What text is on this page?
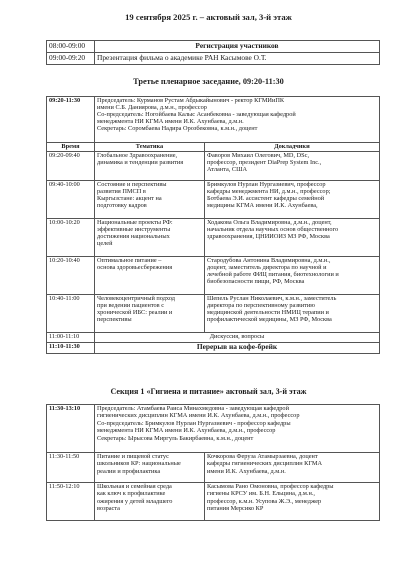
19 сентября 2025 г. – актовый зал, 3-й этаж
08:00-09:00	Регистрация участников
09:00-09:20	Презентация фильма о академике РАН Касымове О.Т.
Третье пленарное заседание, 09:20-11:30
09:20-11:30	Председатель: Курманов Рустам Абдыкайынович - ректор КГМИиПК
имени С.Б. Даниярова, д.м.н., профессор
Со-председатель: Ногойбаева Калыс Асанбековна - заведующая кафедрой
менеджмента НИ КГМА имени И.К. Ахунбаева, д.м.н.
Секретарь: Соромбаева Надира Орозбековна, к.м.н., доцент	

Время	Тематика	Докладчики
09:20-09:40	Глобальное Здравоохранение,
динамика и тенденции развития	Фаворов Михаил Олегович, MD, DSc,
профессор, президент DiaPrep System Inc.,
Атланта, США

09:40-10:00	Состояние и перспективы
развития ПМСП в
Кыргызстане: акцент на
подготовку кадров	Бримкулов Нурлан Нургазиевич, профессор
кафедры менеджмента НИ, д.м.н., профессор;
Ботбаева Э.И. ассистент кафедры семейной
медицины КГМА имени И.К. Ахунбаева,

10:00-10:20	Национальные проекты РФ:
эффективные инструменты
достижения национальных
целей	Ходакова Ольга Владимировна, д.м.н., доцент,
начальник отдела научных основ общественного
здравоохранения, ЦНИИОИЗ МЗ РФ, Москва

10:20-10:40	Оптимальное питание –
основа здоровьесбережения	Стародубова Антонина Владимировна, д.м.н.,
доцент, заместитель директора по научной и
лечебной работе ФИЦ питания, биотехнологии и
биобезопасности пищи, РФ, Москва

10:40-11:00	Человекоцентричный подход
при ведении пациентов с
хронической ИБС: реалии и
перспективы	Шепель Руслан Николаевич, к.м.н., заместитель
директора по перспективному развитию
медицинской деятельности НМИЦ терапии и
профилактической медицины, МЗ РФ, Москва

11:00-11:10	Дискуссия, вопросы	
11:10-11:30	Перерыв на кофе-брейк	
Секция 1 «Гигиена и питание» актовый зал, 3-й этаж
11:30-13:10	Председатель: Атамбаева Раиса Минахмедовна - заведующая кафедрой
гигиенических дисциплин КГМА имени И.К. Ахунбаева, д.м.н., профессор
Со-председатель: Бримкулов Нурлан Нургазиевич - профессор кафедры
менеджмента НИ КГМА имени И.К. Ахунбаева, д.м.н., профессор
Секретарь: Ырысова Миргуль Бакирбаевна, к.м.н., доцент	

11:30-11:50	Питание и пищевой статус
школьников КР: национальные
реалии и профилактика	Кочкорова Феруза Атамырзаевна, доцент
кафедры гигиенических дисциплин КГМА
имени И.К. Ахунбаева, д.м.н.

11:50-12:10	Школьная и семейная среда
как ключ к профилактике
ожирения у детей младшего
возраста	Касымова Рано Омоновна, профессор кафедры
гигиены КРСУ им. Б.Н. Ельцина, д.м.н.,
профессор, к.м.н. Усупова Ж.Э., менеджер
питания Мерсико КР
